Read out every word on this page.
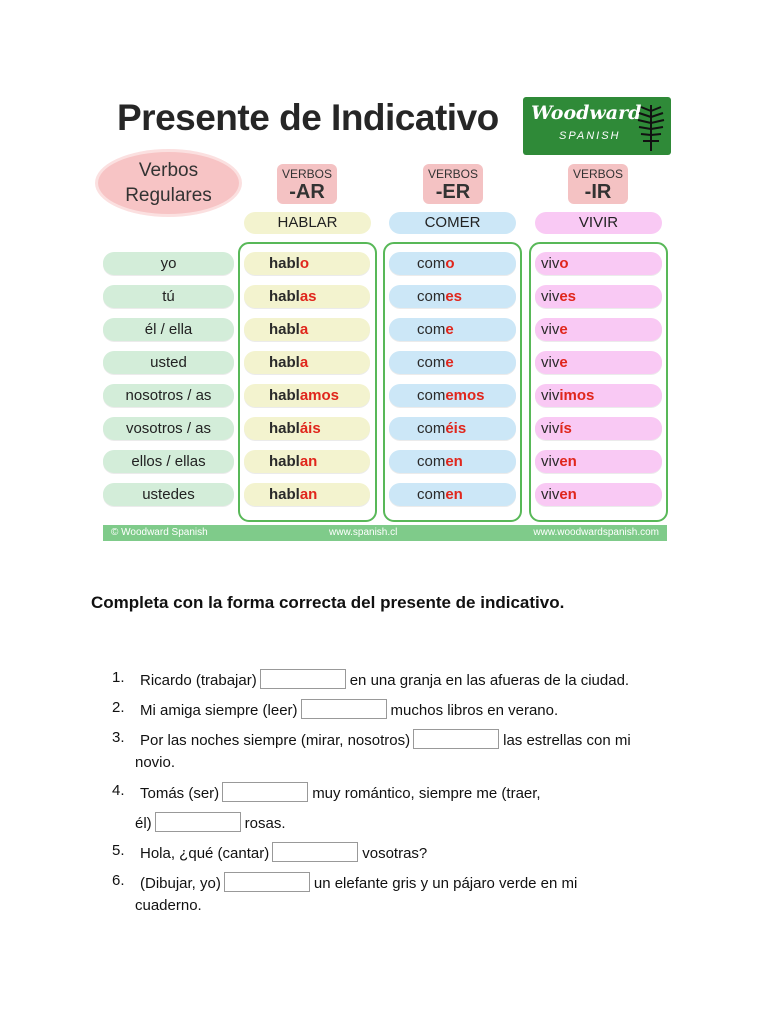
Presente de Indicativo Woodward
SPANISH
Verbos
Regulares
VERBOS
-AR
VERBOS
-ER
VERBOS
-IR
HABLAR	COMER	VIVIR
yo	hablo	como	vivo
tú	hablas	comes	vives
él / ella	habla	come	vive
usted	habla	come	vive
nosotros / as	hablamos	comemos	vivimos
vosotros / as	habláis	coméis	vivís
ellos / ellas	hablan	comen	viven
ustedes	hablan	comen	viven
© Woodward Spanish	www.spanish.cl	www.woodwardspanish.com
Completa con la forma correcta del presente de indicativo.
1. Ricardo (trabajar)	en una granja en las afueras de la ciudad.
2. Mi amiga siempre (leer)	muchos libros en verano.
3. Por las noches siempre (mirar, nosotros)	las estrellas con mi
novio.
4. Tomás (ser)	muy romántico, siempre me (traer,
él)	rosas.
5. Hola, ¿qué (cantar)	vosotras?
6. (Dibujar, yo)	un elefante gris y un pájaro verde en mi
cuaderno.
